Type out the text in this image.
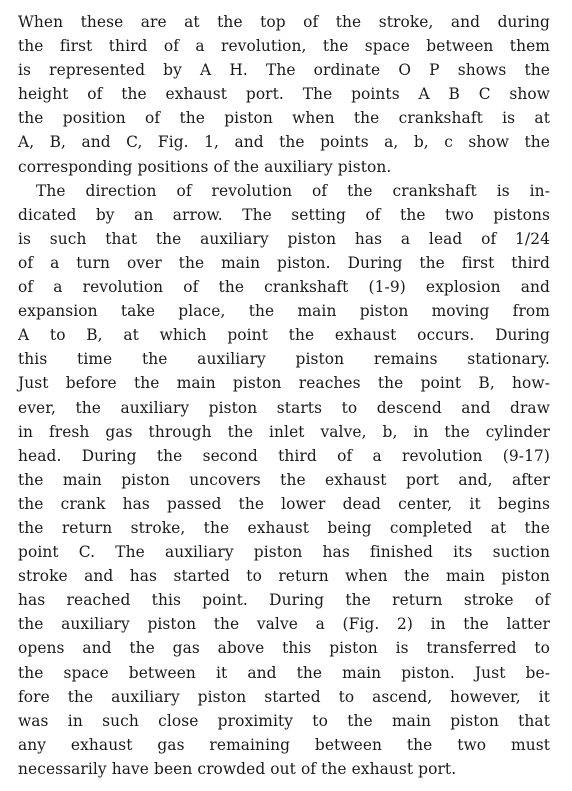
When these are at the top of the stroke, and during
the first third of a revolution, the space between them
is represented by A H. The ordinate O P shows the
height of the exhaust port. The points A B C show
the position of the piston when the crankshaft is at
A, B, and C, Fig. 1, and the points a, b, c show the
corresponding positions of the auxiliary piston.
The direction of revolution of the crankshaft is in-
dicated by an arrow. The setting of the two pistons
is such that the auxiliary piston has a lead of 1/24
of a turn over the main piston. During the first third
of a revolution of the crankshaft (1-9) explosion and
expansion take place, the main piston moving from
A to B, at which point the exhaust occurs. During
this time the auxiliary piston remains stationary.
Just before the main piston reaches the point B, how-
ever, the auxiliary piston starts to descend and draw
in fresh gas through the inlet valve, b, in the cylinder
head. During the second third of a revolution (9-17)
the main piston uncovers the exhaust port and, after
the crank has passed the lower dead center, it begins
the return stroke, the exhaust being completed at the
point C. The auxiliary piston has finished its suction
stroke and has started to return when the main piston
has reached this point. During the return stroke of
the auxiliary piston the valve a (Fig. 2) in the latter
opens and the gas above this piston is transferred to
the space between it and the main piston. Just be-
fore the auxiliary piston started to ascend, however, it
was in such close proximity to the main piston that
any exhaust gas remaining between the two must
necessarily have been crowded out of the exhaust port.
